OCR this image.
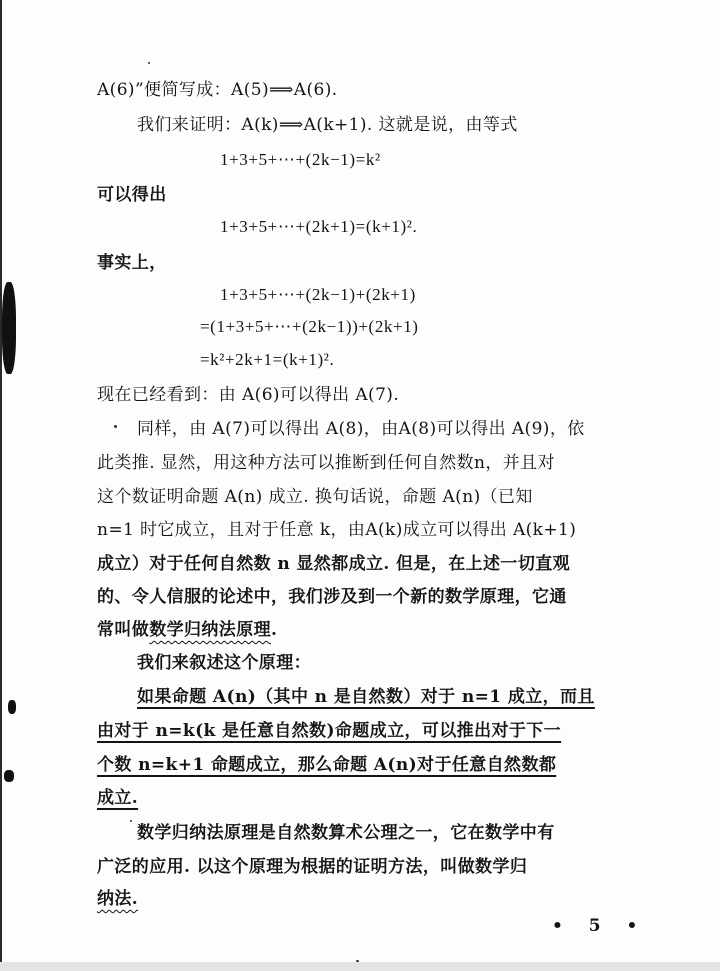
A(6)”便简写成：A(5)⟹A(6).
我们来证明：A(k)⟹A(k+1). 这就是说，由等式
1+3+5+⋯+(2k−1)=k²
可以得出
1+3+5+⋯+(2k+1)=(k+1)².
事实上，
1+3+5+⋯+(2k−1)+(2k+1)
=(1+3+5+⋯+(2k−1))+(2k+1)
=k²+2k+1=(k+1)².
现在已经看到：由 A(6)可以得出 A(7).
同样，由 A(7)可以得出 A(8)，由A(8)可以得出 A(9)，依
此类推. 显然，用这种方法可以推断到任何自然数n，并且对
这个数证明命题 A(n) 成立. 换句话说，命题 A(n)（已知
n=1 时它成立，且对于任意 k，由A(k)成立可以得出 A(k+1)
成立）对于任何自然数 n 显然都成立. 但是，在上述一切直观
的、令人信服的论述中，我们涉及到一个新的数学原理，它通
常叫做数学归纳法原理.
我们来叙述这个原理：
如果命题 A(n)（其中 n 是自然数）对于 n=1 成立，而且
由对于 n=k(k 是任意自然数)命题成立，可以推出对于下一
个数 n=k+1 命题成立，那么命题 A(n)对于任意自然数都
成立.
数学归纳法原理是自然数算术公理之一，它在数学中有
广泛的应用. 以这个原理为根据的证明方法，叫做数学归
纳法.
• 5 •
